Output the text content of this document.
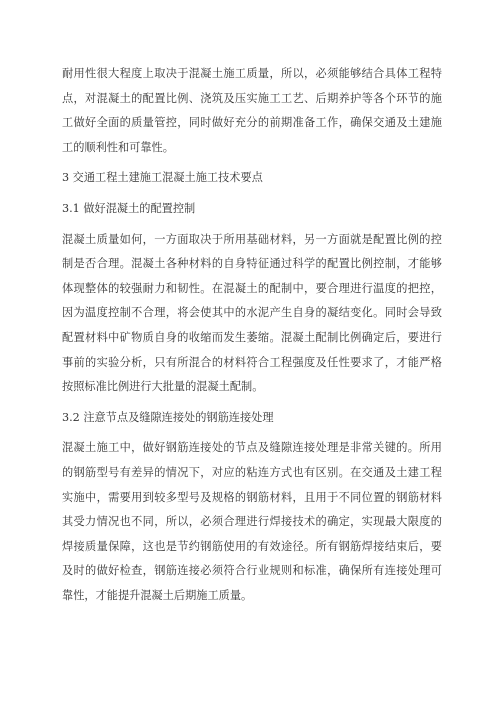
耐用性很大程度上取决于混凝土施工质量，所以，必须能够结合具体工程特点，对混凝土的配置比例、浇筑及压实施工工艺、后期养护等各个环节的施工做好全面的质量管控，同时做好充分的前期准备工作，确保交通及土建施工的顺利性和可靠性。

3 交通工程土建施工混凝土施工技术要点

3.1 做好混凝土的配置控制

混凝土质量如何，一方面取决于所用基础材料，另一方面就是配置比例的控制是否合理。混凝土各种材料的自身特征通过科学的配置比例控制，才能够体现整体的较强耐力和韧性。在混凝土的配制中，要合理进行温度的把控，因为温度控制不合理，将会使其中的水泥产生自身的凝结变化。同时会导致配置材料中矿物质自身的收缩而发生萎缩。混凝土配制比例确定后，要进行事前的实验分析，只有所混合的材料符合工程强度及任性要求了，才能严格按照标准比例进行大批量的混凝土配制。

3.2 注意节点及缝隙连接处的钢筋连接处理

混凝土施工中，做好钢筋连接处的节点及缝隙连接处理是非常关键的。所用的钢筋型号有差异的情况下，对应的粘连方式也有区别。在交通及土建工程实施中，需要用到较多型号及规格的钢筋材料，且用于不同位置的钢筋材料其受力情况也不同，所以，必须合理进行焊接技术的确定，实现最大限度的焊接质量保障，这也是节约钢筋使用的有效途径。所有钢筋焊接结束后，要及时的做好检查，钢筋连接必须符合行业规则和标准，确保所有连接处理可靠性，才能提升混凝土后期施工质量。
